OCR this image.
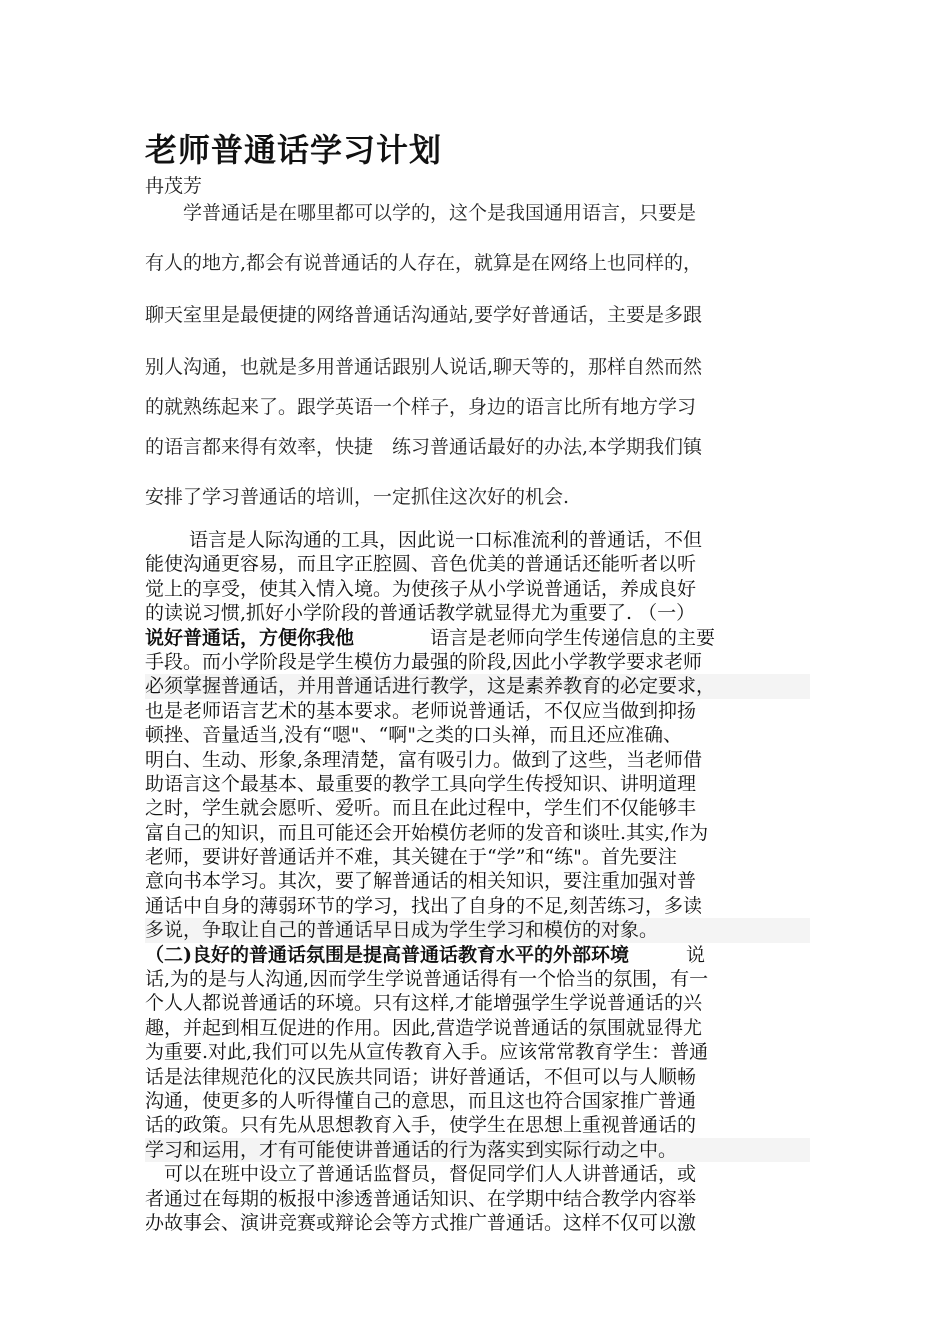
老师普通话学习计划
冉茂芳
　　学普通话是在哪里都可以学的，这个是我国通用语言，只要是
有人的地方,都会有说普通话的人存在，就算是在网络上也同样的，
聊天室里是最便捷的网络普通话沟通站,要学好普通话，主要是多跟
别人沟通，也就是多用普通话跟别人说话,聊天等的，那样自然而然
的就熟练起来了。跟学英语一个样子，身边的语言比所有地方学习
的语言都来得有效率，快捷　练习普通话最好的办法,本学期我们镇
安排了学习普通话的培训，一定抓住这次好的机会.
　　 语言是人际沟通的工具，因此说一口标准流利的普通话，不但
能使沟通更容易，而且字正腔圆、音色优美的普通话还能听者以听
觉上的享受，使其入情入境。为使孩子从小学说普通话，养成良好
的读说习惯,抓好小学阶段的普通话教学就显得尤为重要了. （一）
说好普通话，方便你我他　　　　语言是老师向学生传递信息的主要
手段。而小学阶段是学生模仿力最强的阶段,因此小学教学要求老师
必须掌握普通话，并用普通话进行教学，这是素养教育的必定要求，
也是老师语言艺术的基本要求。老师说普通话，不仅应当做到抑扬
顿挫、音量适当,没有“嗯"、“啊"之类的口头禅，而且还应准确、
明白、生动、形象,条理清楚，富有吸引力。做到了这些，当老师借
助语言这个最基本、最重要的教学工具向学生传授知识、讲明道理
之时，学生就会愿听、爱听。而且在此过程中，学生们不仅能够丰
富自己的知识，而且可能还会开始模仿老师的发音和谈吐.其实,作为
老师，要讲好普通话并不难，其关键在于“学”和“练"。首先要注
意向书本学习。其次，要了解普通话的相关知识，要注重加强对普
通话中自身的薄弱环节的学习，找出了自身的不足,刻苦练习，多读
多说，争取让自己的普通话早日成为学生学习和模仿的对象。
（二)良好的普通话氛围是提高普通话教育水平的外部环境　　　说
话,为的是与人沟通,因而学生学说普通话得有一个恰当的氛围，有一
个人人都说普通话的环境。只有这样,才能增强学生学说普通话的兴
趣，并起到相互促进的作用。因此,营造学说普通话的氛围就显得尤
为重要.对此,我们可以先从宣传教育入手。应该常常教育学生：普通
话是法律规范化的汉民族共同语；讲好普通话，不但可以与人顺畅
沟通，使更多的人听得懂自己的意思，而且这也符合国家推广普通
话的政策。只有先从思想教育入手，使学生在思想上重视普通话的
学习和运用，才有可能使讲普通话的行为落实到实际行动之中。
　可以在班中设立了普通话监督员，督促同学们人人讲普通话，或
者通过在每期的板报中渗透普通话知识、在学期中结合教学内容举
办故事会、演讲竞赛或辩论会等方式推广普通话。这样不仅可以激
